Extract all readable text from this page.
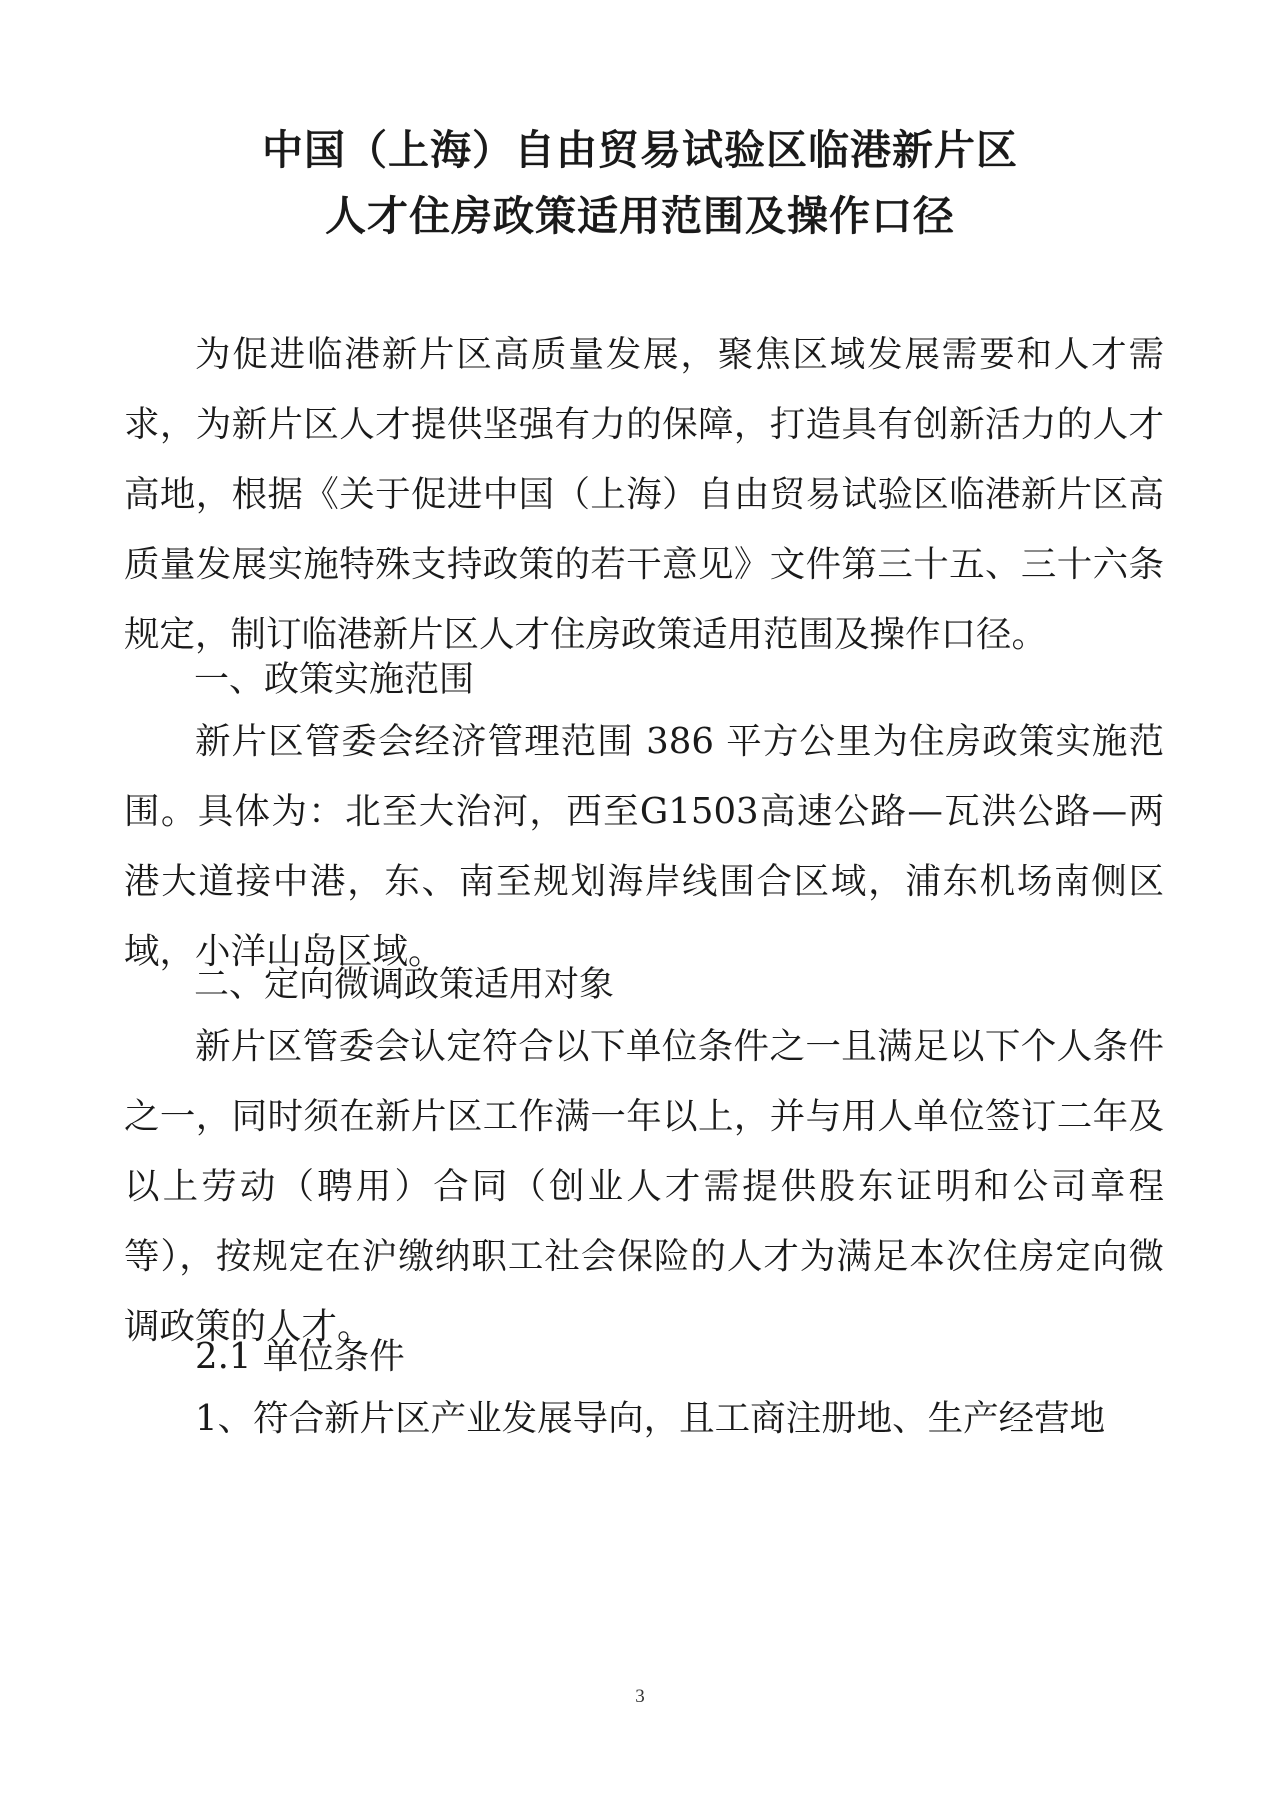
中国（上海）自由贸易试验区临港新片区
人才住房政策适用范围及操作口径

为促进临港新片区高质量发展，聚焦区域发展需要和人才需求，为新片区人才提供坚强有力的保障，打造具有创新活力的人才高地，根据《关于促进中国（上海）自由贸易试验区临港新片区高质量发展实施特殊支持政策的若干意见》文件第三十五、三十六条规定，制订临港新片区人才住房政策适用范围及操作口径。

一、政策实施范围

新片区管委会经济管理范围 386 平方公里为住房政策实施范围。具体为：北至大治河，西至G1503高速公路—瓦洪公路—两港大道接中港，东、南至规划海岸线围合区域，浦东机场南侧区域，小洋山岛区域。

二、定向微调政策适用对象

新片区管委会认定符合以下单位条件之一且满足以下个人条件之一，同时须在新片区工作满一年以上，并与用人单位签订二年及以上劳动（聘用）合同（创业人才需提供股东证明和公司章程等），按规定在沪缴纳职工社会保险的人才为满足本次住房定向微调政策的人才。

2.1 单位条件

1、符合新片区产业发展导向，且工商注册地、生产经营地

3
